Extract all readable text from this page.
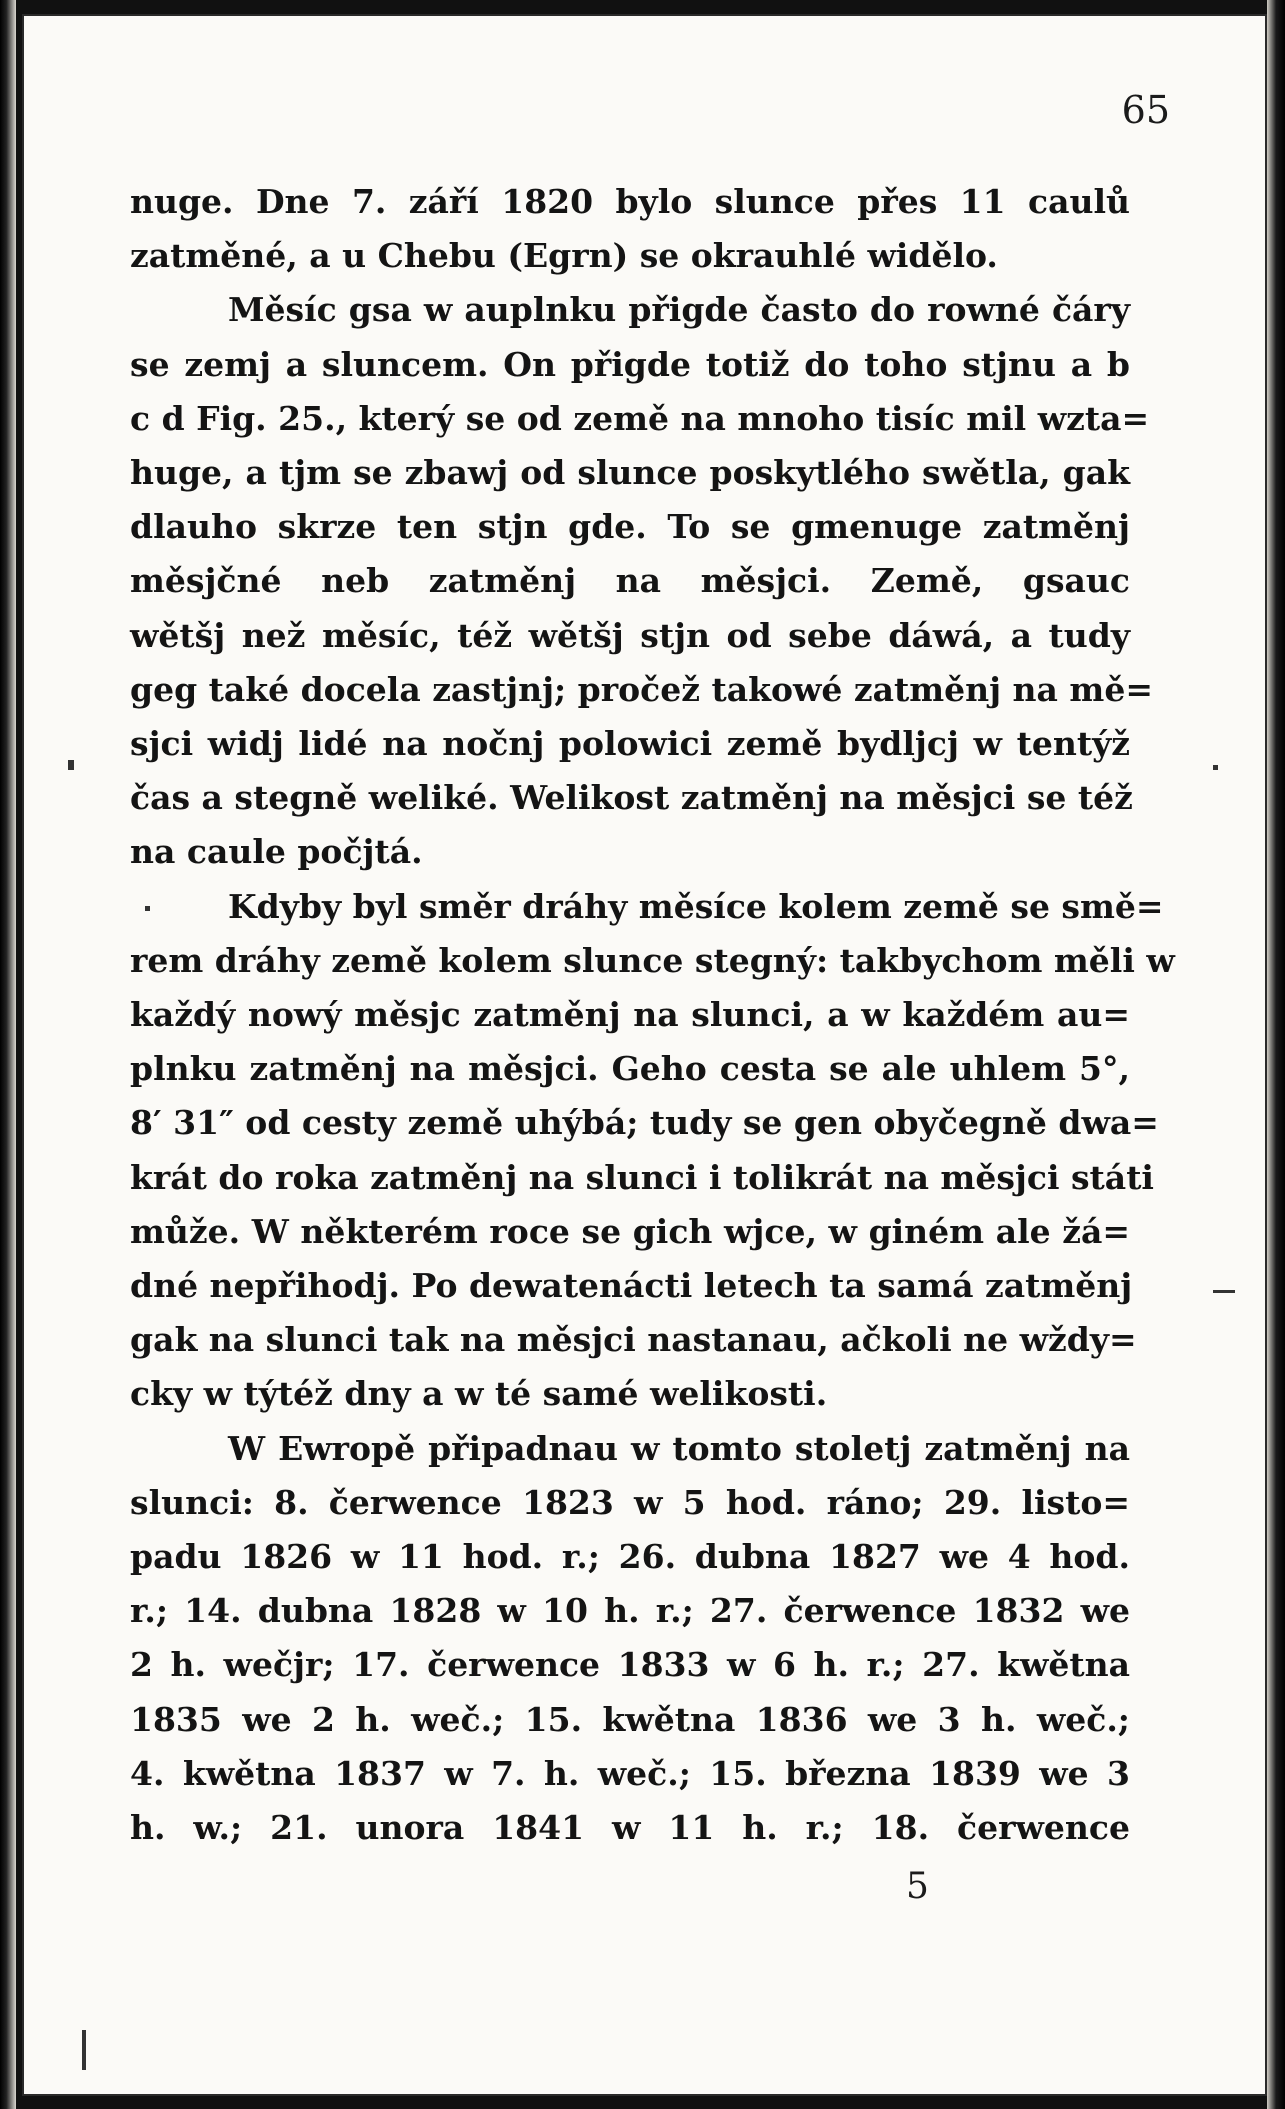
65
nuge. Dne 7. září 1820 bylo slunce přes 11 caulů
zatměné, a u Chebu (Egrn) se okrauhlé widělo.
Měsíc gsa w auplnku přigde často do rowné čáry
se zemj a sluncem. On přigde totiž do toho stjnu a b
c d Fig. 25., který se od země na mnoho tisíc mil wzta=
huge, a tjm se zbawj od slunce poskytlého swětla, gak
dlauho skrze ten stjn gde. To se gmenuge zatměnj
měsjčné neb zatměnj na měsjci. Země, gsauc
wětšj než měsíc, též wětšj stjn od sebe dáwá, a tudy
geg také docela zastjnj; pročež takowé zatměnj na mě=
sjci widj lidé na nočnj polowici země bydljcj w tentýž
čas a stegně weliké. Welikost zatměnj na měsjci se též
na caule počjtá.
Kdyby byl směr dráhy měsíce kolem země se smě=
rem dráhy země kolem slunce stegný: takbychom měli w
každý nowý měsjc zatměnj na slunci, a w každém au=
plnku zatměnj na měsjci. Geho cesta se ale uhlem 5°,
8′ 31″ od cesty země uhýbá; tudy se gen obyčegně dwa=
krát do roka zatměnj na slunci i tolikrát na měsjci státi
může. W některém roce se gich wjce, w giném ale žá=
dné nepřihodj. Po dewatenácti letech ta samá zatměnj
gak na slunci tak na měsjci nastanau, ačkoli ne wždy=
cky w týtéž dny a w té samé welikosti.
W Ewropě připadnau w tomto stoletj zatměnj na
slunci: 8. čerwence 1823 w 5 hod. ráno; 29. listo=
padu 1826 w 11 hod. r.; 26. dubna 1827 we 4 hod.
r.; 14. dubna 1828 w 10 h. r.; 27. čerwence 1832 we
2 h. wečjr; 17. čerwence 1833 w 6 h. r.; 27. kwětna
1835 we 2 h. weč.; 15. kwětna 1836 we 3 h. weč.;
4. kwětna 1837 w 7. h. weč.; 15. března 1839 we 3
h. w.; 21. unora 1841 w 11 h. r.; 18. čerwence
5
